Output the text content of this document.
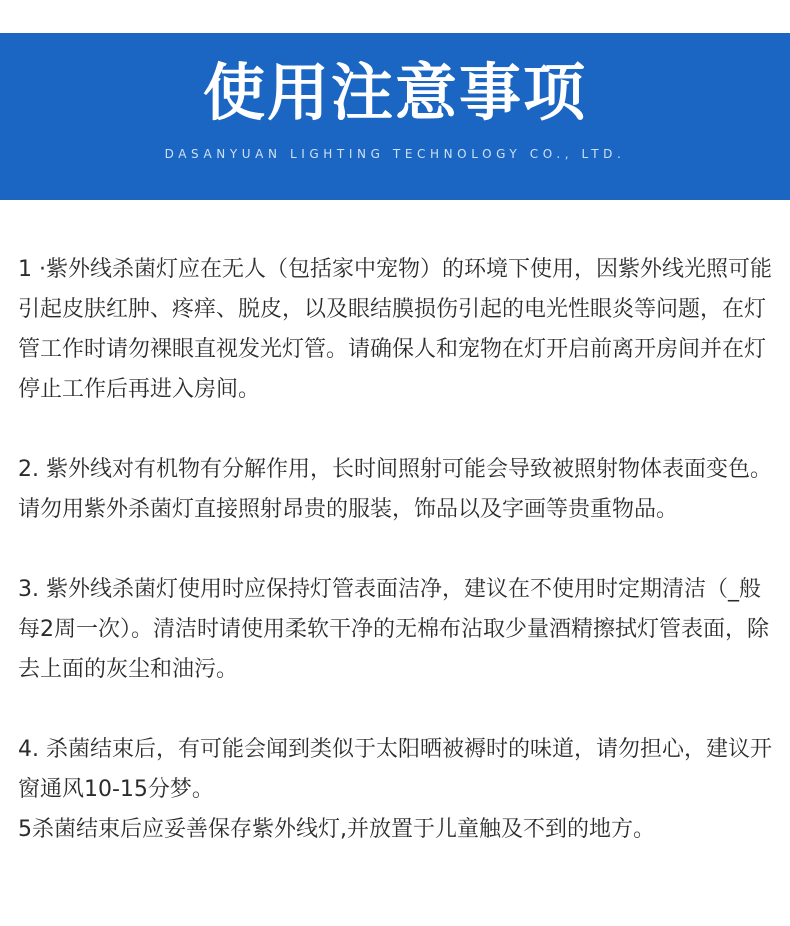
使用注意事项
DASANYUAN LIGHTING TECHNOLOGY CO., LTD.

1 ·紫外线杀菌灯应在无人（包括家中宠物）的环境下使用，因紫外线光照可能引起皮肤红肿、疼痒、脱皮，以及眼结膜损伤引起的电光性眼炎等问题，在灯管工作时请勿裸眼直视发光灯管。请确保人和宠物在灯开启前离开房间并在灯停止工作后再进入房间。

2. 紫外线对有机物有分解作用，长时间照射可能会导致被照射物体表面变色。请勿用紫外杀菌灯直接照射昂贵的服装，饰品以及字画等贵重物品。

3. 紫外线杀菌灯使用时应保持灯管表面洁净，建议在不使用时定期清洁（_般每2周一次）。清洁时请使用柔软干净的无棉布沾取少量酒精擦拭灯管表面，除去上面的灰尘和油污。

4. 杀菌结束后，有可能会闻到类似于太阳晒被褥时的味道，请勿担心，建议开窗通风10-15分梦。

5杀菌结束后应妥善保存紫外线灯,并放置于儿童触及不到的地方。
